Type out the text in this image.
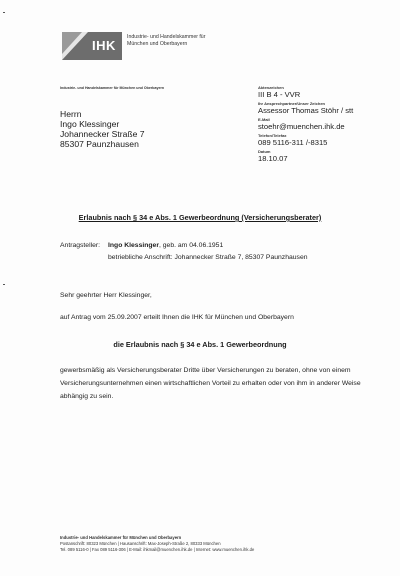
IHK
Industrie- und Handelskammer für
München und Oberbayern
Industrie- und Handelskammer für München und Oberbayern
Herrn
Ingo Klessinger
Johannecker Straße 7
85307 Paunzhausen
Aktenzeichen
III B 4 - VVR
Ihr Ansprechpartner/Unser Zeichen
Assessor Thomas Stöhr / stt
E-Mail
stoehr@muenchen.ihk.de
Telefon/Telefax
089 5116-311 /-8315
Datum
18.10.07
Erlaubnis nach § 34 e Abs. 1 Gewerbeordnung (Versicherungsberater)
Antragsteller: Ingo Klessinger, geb. am 04.06.1951
betriebliche Anschrift: Johannecker Straße 7, 85307 Paunzhausen
Sehr geehrter Herr Klessinger,
auf Antrag vom 25.09.2007 erteilt Ihnen die IHK für München und Oberbayern
die Erlaubnis nach § 34 e Abs. 1 Gewerbeordnung
gewerbsmäßig als Versicherungsberater Dritte über Versicherungen zu beraten, ohne von einem Versicherungsunternehmen einen wirtschaftlichen Vorteil zu erhalten oder von ihm in anderer Weise abhängig zu sein.
Industrie- und Handelskammer für München und Oberbayern
Postanschrift: 80323 München | Hausanschrift: Max-Joseph-Straße 2, 80333 München
Tel. 089 5116-0 | Fax 089 5116-306 | E-Mail: ihkmail@muenchen.ihk.de | Internet: www.muenchen.ihk.de
